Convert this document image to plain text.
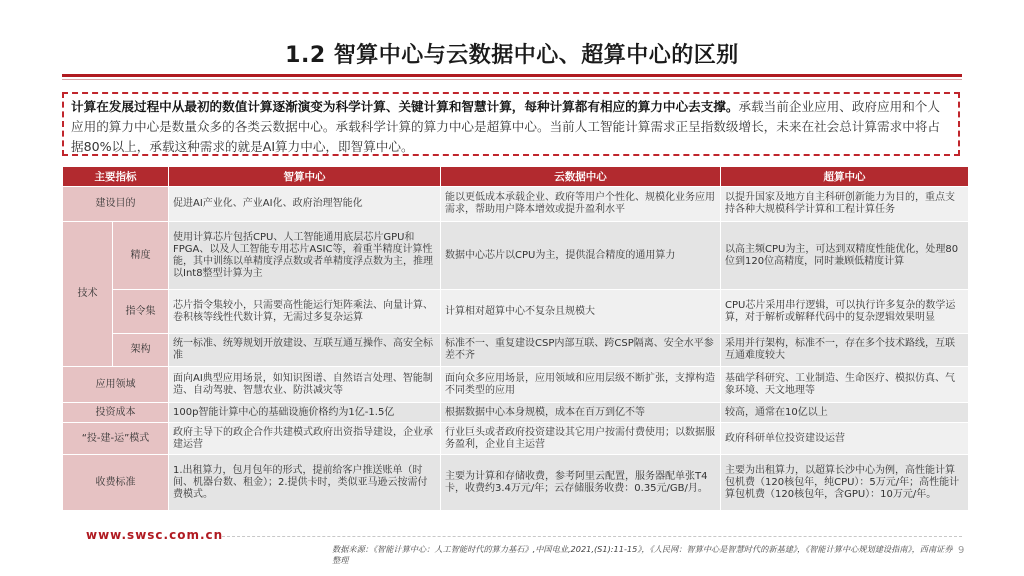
1.2 智算中心与云数据中心、超算中心的区别
计算在发展过程中从最初的数值计算逐渐演变为科学计算、关键计算和智慧计算，每种计算都有相应的算力中心去支撑。承载当前企业应用、政府应用和个人应用的算力中心是数量众多的各类云数据中心。承载科学计算的算力中心是超算中心。当前人工智能计算需求正呈指数级增长，未来在社会总计算需求中将占据80%以上，承载这种需求的就是AI算力中心，即智算中心。
主要指标		智算中心	云数据中心	超算中心
建设目的		促进AI产业化、产业AI化、政府治理智能化	能以更低成本承载企业、政府等用户个性化、规模化业务应用需求，帮助用户降本增效或提升盈利水平	以提升国家及地方自主科研创新能力为目的，重点支持各种大规模科学计算和工程计算任务
技术	精度	使用计算芯片包括CPU、人工智能通用底层芯片GPU和FPGA、以及人工智能专用芯片ASIC等，着重半精度计算性能，其中训练以单精度浮点数或者单精度浮点数为主，推理以Int8整型计算为主	数据中心芯片以CPU为主，提供混合精度的通用算力	以高主频CPU为主，可达到双精度性能优化，处理80位到120位高精度，同时兼顾低精度计算
	指令集	芯片指令集较小，只需要高性能运行矩阵乘法、向量计算、卷积核等线性代数计算，无需过多复杂运算	计算相对超算中心不复杂且规模大	CPU芯片采用串行逻辑，可以执行许多复杂的数学运算，对于解析或解释代码中的复杂逻辑效果明显
	架构	统一标准、统筹规划开放建设、互联互通互操作、高安全标准	标准不一、重复建设CSP内部互联、跨CSP隔离、安全水平参差不齐	采用并行架构，标准不一，存在多个技术路线，互联互通难度较大
应用领域		面向AI典型应用场景，如知识图谱、自然语言处理、智能制造、自动驾驶、智慧农业、防洪减灾等	面向众多应用场景，应用领域和应用层级不断扩张，支撑构造不同类型的应用	基础学科研究、工业制造、生命医疗、模拟仿真、气象环境、天文地理等
投资成本		100p智能计算中心的基础设施价格约为1亿-1.5亿	根据数据中心本身规模，成本在百万到亿不等	较高，通常在10亿以上
“投-建-运”模式		政府主导下的政企合作共建模式政府出资指导建设，企业承建运营	行业巨头或者政府投资建设其它用户按需付费使用；以数据服务盈利，企业自主运营	政府科研单位投资建设运营
收费标准		1.出租算力，包月包年的形式，提前给客户推送账单（时间、机器台数、租金）；2.提供卡时，类似亚马逊云按需付费模式。	主要为计算和存储收费，参考阿里云配置，服务器配单张T4卡，收费约3.4万元/年；云存储服务收费：0.35元/GB/月。	主要为出租算力，以超算长沙中心为例，高性能计算包机费（120核包年，纯CPU）：5万元/年；高性能计算包机费（120核包年，含GPU）：10万元/年。
www.swsc.com.cn
数据来源：《智能计算中心：人工智能时代的算力基石》,中国电业,2021,(S1):11-15》，《人民网：智算中心是智慧时代的新基建》，《智能计算中心规划建设指南》，西南证券整理
9
